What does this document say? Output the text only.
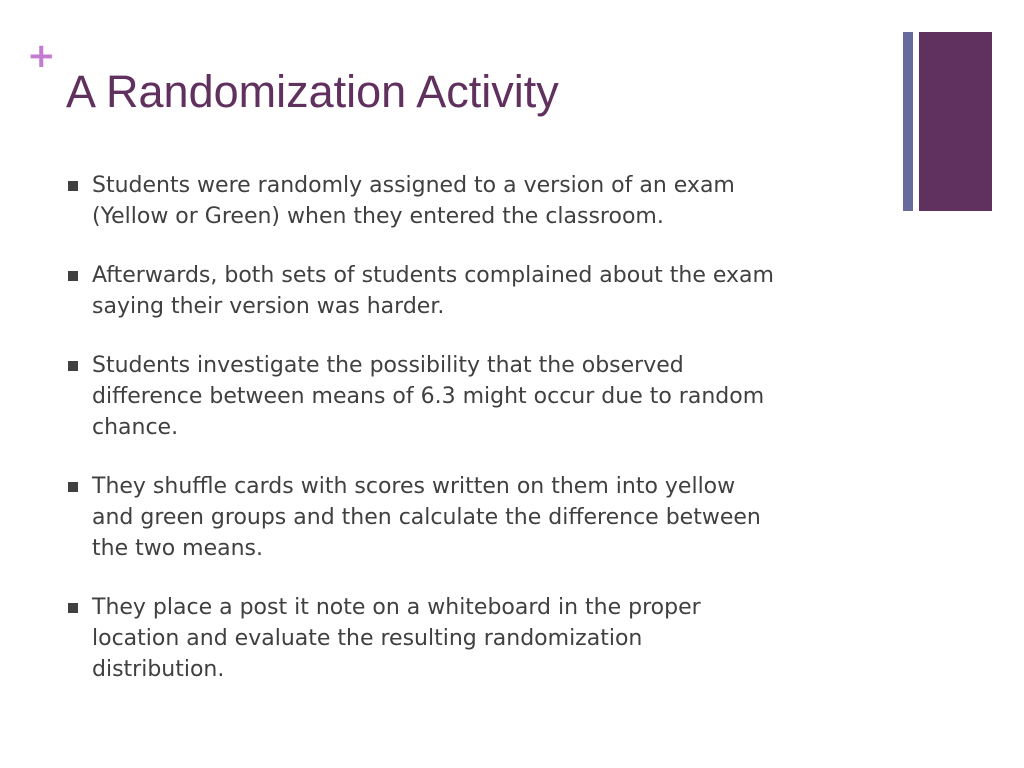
+
A Randomization Activity
Students were randomly assigned to a version of an exam
(Yellow or Green) when they entered the classroom.
Afterwards, both sets of students complained about the exam
saying their version was harder.
Students investigate the possibility that the observed
difference between means of 6.3 might occur due to random
chance.
They shuffle cards with scores written on them into yellow
and green groups and then calculate the difference between
the two means.
They place a post it note on a whiteboard in the proper
location and evaluate the resulting randomization
distribution.
